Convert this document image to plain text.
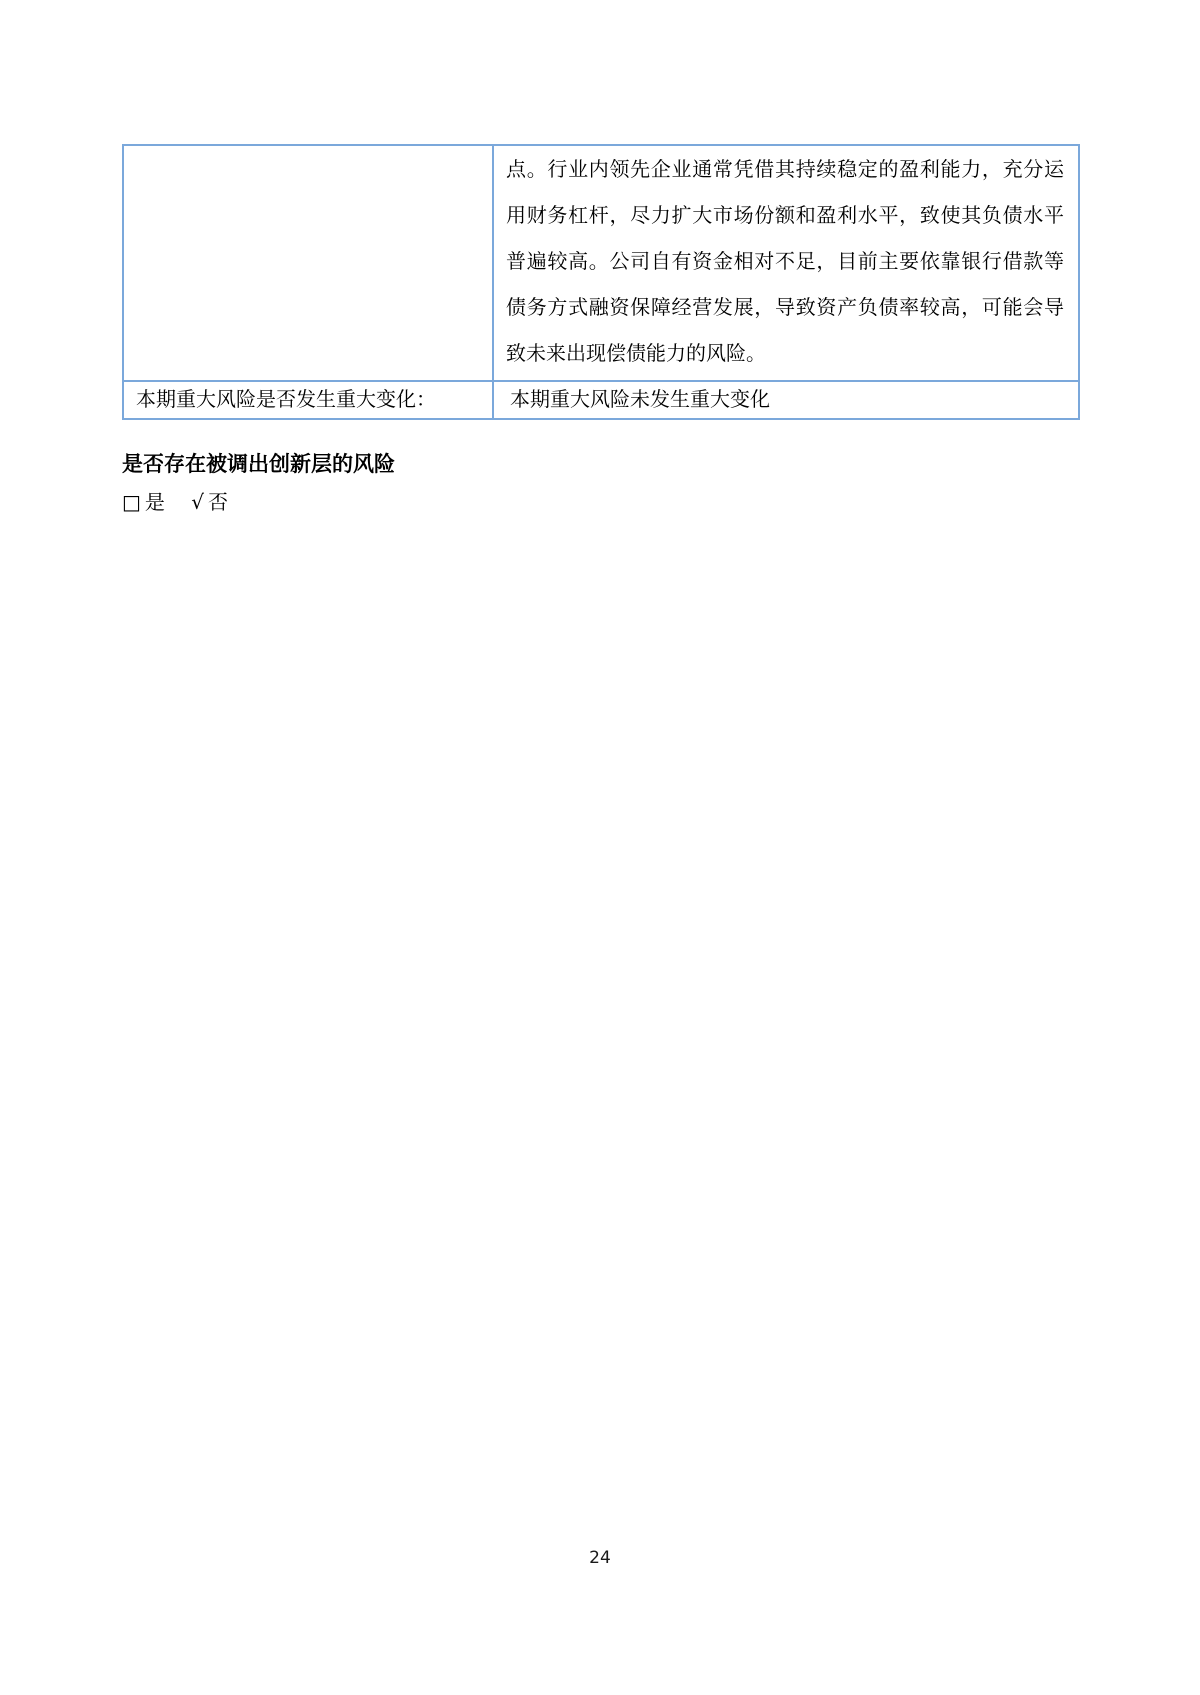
	点。行业内领先企业通常凭借其持续稳定的盈利能力，充分运
用财务杠杆，尽力扩大市场份额和盈利水平，致使其负债水平
普遍较高。公司自有资金相对不足，目前主要依靠银行借款等
债务方式融资保障经营发展，导致资产负债率较高，可能会导
致未来出现偿债能力的风险。

本期重大风险是否发生重大变化：	本期重大风险未发生重大变化
是否存在被调出创新层的风险
□ 是 √ 否
24
